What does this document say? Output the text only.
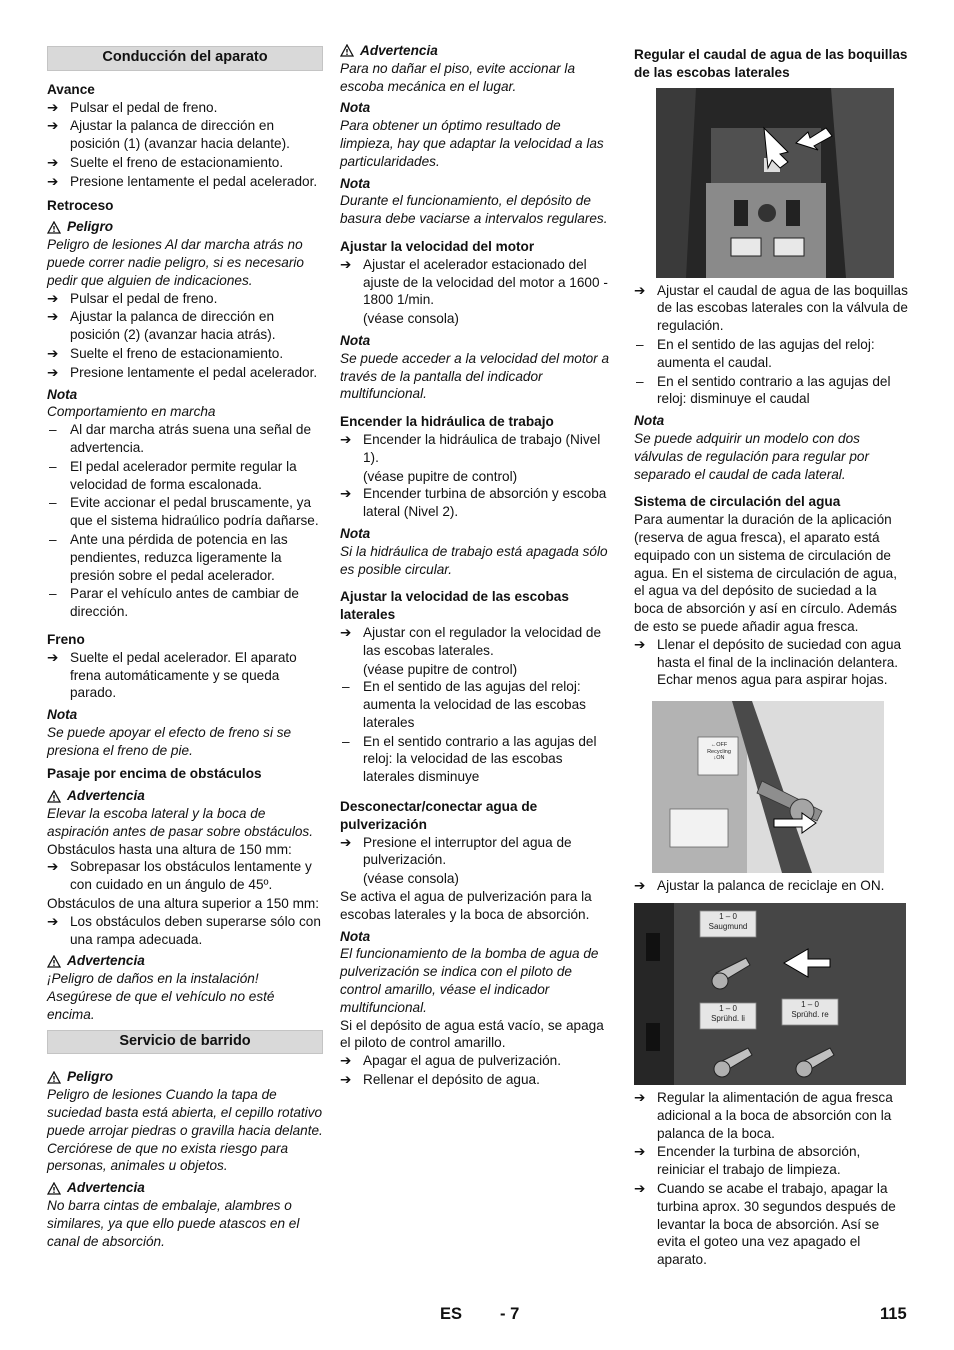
Conducción del aparato
Avance
➔ Pulsar el pedal de freno.
➔ Ajustar la palanca de dirección en posición (1) (avanzar hacia delante).
➔ Suelte el freno de estacionamiento.
➔ Presione lentamente el pedal acelerador.
Retroceso
Peligro

Peligro de lesiones Al dar marcha atrás no puede correr nadie peligro, si es necesario pedir que alguien de indicaciones.

➔ Pulsar el pedal de freno.
➔ Ajustar la palanca de dirección en posición (2) (avanzar hacia atrás).
➔ Suelte el freno de estacionamiento.
➔ Presione lentamente el pedal acelerador.
Nota

Comportamiento en marcha

– Al dar marcha atrás suena una señal de advertencia.
– El pedal acelerador permite regular la velocidad de forma escalonada.
– Evite accionar el pedal bruscamente, ya que el sistema hidraúlico podría dañarse.
– Ante una pérdida de potencia en las pendientes, reduzca ligeramente la presión sobre el pedal acelerador.
– Parar el vehículo antes de cambiar de dirección.
Freno
➔ Suelte el pedal acelerador. El aparato frena automáticamente y se queda parado.
Nota

Se puede apoyar el efecto de freno si se presiona el freno de pie.

Pasaje por encima de obstáculos
Advertencia

Elevar la escoba lateral y la boca de aspiración antes de pasar sobre obstáculos.

Obstáculos hasta una altura de 150 mm:

➔ Sobrepasar los obstáculos lentamente y con cuidado en un ángulo de 45º.

Obstáculos de una altura superior a 150 mm:

➔ Los obstáculos deben superarse sólo con una rampa adecuada.
Advertencia

¡Peligro de daños en la instalación! Asegúrese de que el vehículo no esté encima.

Servicio de barrido
Peligro

Peligro de lesiones Cuando la tapa de suciedad basta está abierta, el cepillo rotativo puede arrojar piedras o gravilla hacia delante. Cerciórese de que no exista riesgo para personas, animales u objetos.

Advertencia

No barra cintas de embalaje, alambres o similares, ya que ello puede atascos en el canal de absorción.

Advertencia

Para no dañar el piso, evite accionar la escoba mecánica en el lugar.

Nota

Para obtener un óptimo resultado de limpieza, hay que adaptar la velocidad a las particularidades.

Nota

Durante el funcionamiento, el depósito de basura debe vaciarse a intervalos regulares.

Ajustar la velocidad del motor
➔ Ajustar el acelerador estacionado del ajuste de la velocidad del motor a 1600 - 1800 1/min.

(véase consola)

Nota

Se puede acceder a la velocidad del motor a través de la pantalla del indicador multifuncional.

Encender la hidráulica de trabajo
➔ Encender la hidráulica de trabajo (Nivel 1).

(véase pupitre de control)

➔ Encender turbina de absorción y escoba lateral (Nivel 2).
Nota

Si la hidráulica de trabajo está apagada sólo es posible circular.

Ajustar la velocidad de las escobas laterales
➔ Ajustar con el regulador la velocidad de las escobas laterales.

(véase pupitre de control)

– En el sentido de las agujas del reloj: aumenta la velocidad de las escobas laterales
– En el sentido contrario a las agujas del reloj: la velocidad de las escobas laterales disminuye
Desconectar/conectar agua de pulverización
➔ Presione el interruptor del agua de pulverización.

(véase consola)

Se activa el agua de pulverización para la escobas laterales y la boca de absorción.

Nota

El funcionamiento de la bomba de agua de pulverización se indica con el piloto de control amarillo, véase el indicador multifuncional.

Si el depósito de agua está vacío, se apaga el piloto de control amarillo.

➔ Apagar el agua de pulverización.
➔ Rellenar el depósito de agua.
Regular el caudal de agua de las boquillas de las escobas laterales
➔ Ajustar el caudal de agua de las boquillas de las escobas laterales con la válvula de regulación.
– En el sentido de las agujas del reloj: aumenta el caudal.
– En el sentido contrario a las agujas del reloj: disminuye el caudal
Nota

Se puede adquirir un modelo con dos válvulas de regulación para regular por separado el caudal de cada lateral.

Sistema de circulación del agua

Para aumentar la duración de la aplicación (reserva de agua fresca), el aparato está equipado con un sistema de circulación de agua. En el sistema de circulación de agua, el agua va del depósito de suciedad a la boca de absorción y así en círculo. Además de esto se puede añadir agua fresca.

➔ Llenar el depósito de suciedad con agua hasta el final de la inclinación delantera. Echar menos agua para aspirar hojas.
←OFF
Recycling
↓ON
➔ Ajustar la palanca de reciclaje en ON.
1 – 0
Saugmund
1 – 0
Sprühd. li
1 – 0
Sprühd. re
➔ Regular la alimentación de agua fresca adicional a la boca de absorción con la palanca de la boca.
➔ Encender la turbina de absorción, reiniciar el trabajo de limpieza.
➔ Cuando se acabe el trabajo, apagar la turbina aprox. 30 segundos después de levantar la boca de absorción. Así se evita el goteo una vez apagado el aparato.
ES - 7	115
